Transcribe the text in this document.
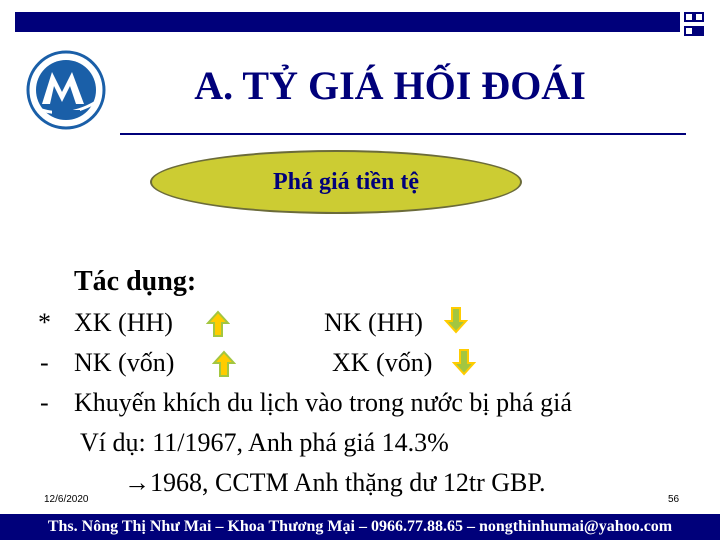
A. TỶ GIÁ HỐI ĐOÁI
Phá giá tiền tệ
Tác dụng:
* XK (HH)	NK (HH)
- NK (vốn)	XK (vốn)
- Khuyến khích du lịch vào trong nước bị phá giá
Ví dụ: 11/1967, Anh phá giá 14.3%
→ 1968, CCTM Anh thặng dư 12tr GBP.
12/6/2020	56
Ths. Nông Thị Như Mai – Khoa Thương Mại – 0966.77.88.65 – nongthinhumai@yahoo.com
